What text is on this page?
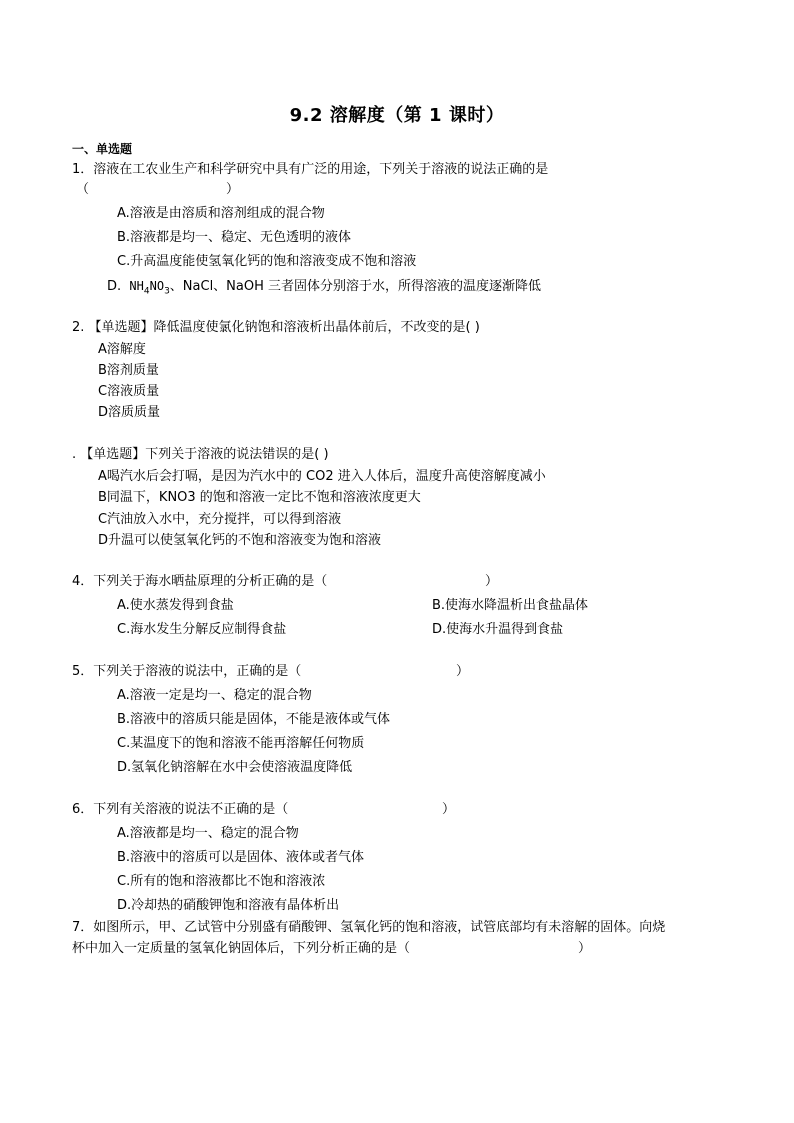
9.2 溶解度（第 1 课时）
一、单选题
1．溶液在工农业生产和科学研究中具有广泛的用途，下列关于溶液的说法正确的是
（	）
A.溶液是由溶质和溶剂组成的混合物
B.溶液都是均一、稳定、无色透明的液体
C.升高温度能使氢氧化钙的饱和溶液变成不饱和溶液
D. $NH_4NO_3$、NaCl、NaOH 三者固体分别溶于水，所得溶液的温度逐渐降低
2. 【单选题】降低温度使氯化钠饱和溶液析出晶体前后，不改变的是( )
A溶解度
B溶剂质量
C溶液质量
D溶质质量
. 【单选题】下列关于溶液的说法错误的是( )
A喝汽水后会打嗝，是因为汽水中的 CO2 进入人体后，温度升高使溶解度减小
B同温下，KNO3 的饱和溶液一定比不饱和溶液浓度更大
C汽油放入水中，充分搅拌，可以得到溶液
D升温可以使氢氧化钙的不饱和溶液变为饱和溶液
4．下列关于海水晒盐原理的分析正确的是（	）
A.使水蒸发得到食盐	B.使海水降温析出食盐晶体
C.海水发生分解反应制得食盐	D.使海水升温得到食盐
5．下列关于溶液的说法中，正确的是（	）
A.溶液一定是均一、稳定的混合物
B.溶液中的溶质只能是固体，不能是液体或气体
C.某温度下的饱和溶液不能再溶解任何物质
D.氢氧化钠溶解在水中会使溶液温度降低
6．下列有关溶液的说法不正确的是（	）
A.溶液都是均一、稳定的混合物
B.溶液中的溶质可以是固体、液体或者气体
C.所有的饱和溶液都比不饱和溶液浓
D.冷却热的硝酸钾饱和溶液有晶体析出
7．如图所示，甲、乙试管中分别盛有硝酸钾、氢氧化钙的饱和溶液，试管底部均有未溶解的固体。向烧
杯中加入一定质量的氢氧化钠固体后，下列分析正确的是（	）
